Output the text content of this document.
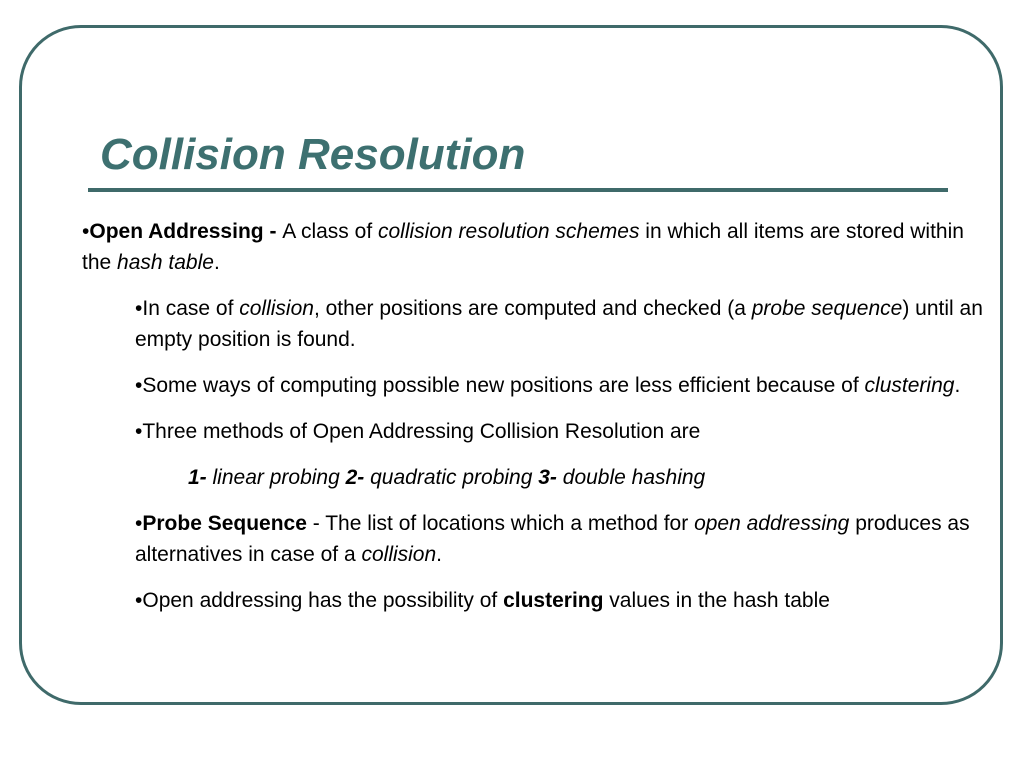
Collision Resolution

•Open Addressing - A class of collision resolution schemes in which all items are stored within the hash table.

•In case of collision, other positions are computed and checked (a probe sequence) until an empty position is found.

•Some ways of computing possible new positions are less efficient because of clustering.

•Three methods of Open Addressing Collision Resolution are

1- linear probing 2- quadratic probing 3- double hashing

•Probe Sequence - The list of locations which a method for open addressing produces as alternatives in case of a collision.

•Open addressing has the possibility of clustering values in the hash table
